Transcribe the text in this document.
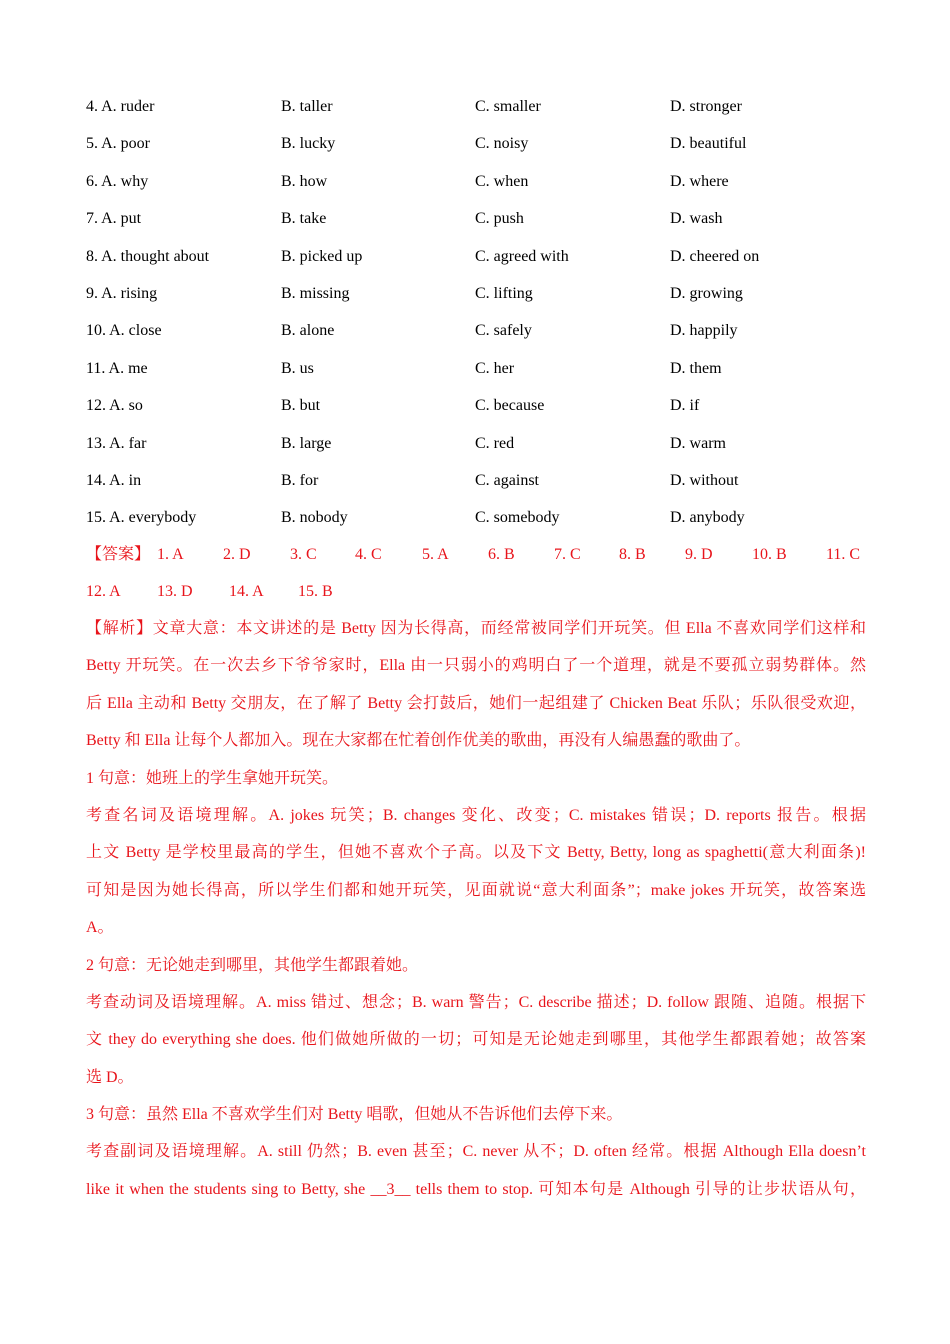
4. A. ruder	B. taller	C. smaller	D. stronger
5. A. poor	B. lucky	C. noisy	D. beautiful
6. A. why	B. how	C. when	D. where
7. A. put	B. take	C. push	D. wash
8. A. thought about	B. picked up	C. agreed with	D. cheered on
9. A. rising	B. missing	C. lifting	D. growing
10. A. close	B. alone	C. safely	D. happily
11. A. me	B. us	C. her	D. them
12. A. so	B. but	C. because	D. if
13. A. far	B. large	C. red	D. warm
14. A. in	B. for	C. against	D. without
15. A. everybody	B. nobody	C. somebody	D. anybody
【答案】 1. A 2. D 3. C 4. C	5. A 6. B 7. C 8. B 9. D 10. B 11. C
12. A 13. D 14. A 15. B
【解析】文章大意：本文讲述的是 Betty 因为长得高，而经常被同学们开玩笑。但 Ella 不喜欢同学们这样和
Betty 开玩笑。在一次去乡下爷爷家时，Ella 由一只弱小的鸡明白了一个道理，就是不要孤立弱势群体。然
后 Ella 主动和 Betty 交朋友，在了解了 Betty 会打鼓后，她们一起组建了 Chicken Beat 乐队；乐队很受欢迎，
Betty 和 Ella 让每个人都加入。现在大家都在忙着创作优美的歌曲，再没有人编愚蠢的歌曲了。
1 句意：她班上的学生拿她开玩笑。
考查名词及语境理解。A. jokes 玩笑；B. changes 变化、改变；C. mistakes 错误；D. reports 报告。根据
上文 Betty 是学校里最高的学生，但她不喜欢个子高。以及下文 Betty, Betty, long as spaghetti(意大利面条)!
可知是因为她长得高，所以学生们都和她开玩笑，见面就说“意大利面条”；make jokes 开玩笑，故答案选
A。
2 句意：无论她走到哪里，其他学生都跟着她。
考查动词及语境理解。A. miss 错过、想念；B. warn 警告；C. describe 描述；D. follow 跟随、追随。根据下
文 they do everything she does. 他们做她所做的一切；可知是无论她走到哪里，其他学生都跟着她；故答案
选 D。
3 句意：虽然 Ella 不喜欢学生们对 Betty 唱歌，但她从不告诉他们去停下来。
考查副词及语境理解。A. still 仍然；B. even 甚至；C. never 从不；D. often 经常。根据 Although Ella doesn’t
like it when the students sing to Betty, she __3__ tells them to stop. 可知本句是 Although 引导的让步状语从句，
